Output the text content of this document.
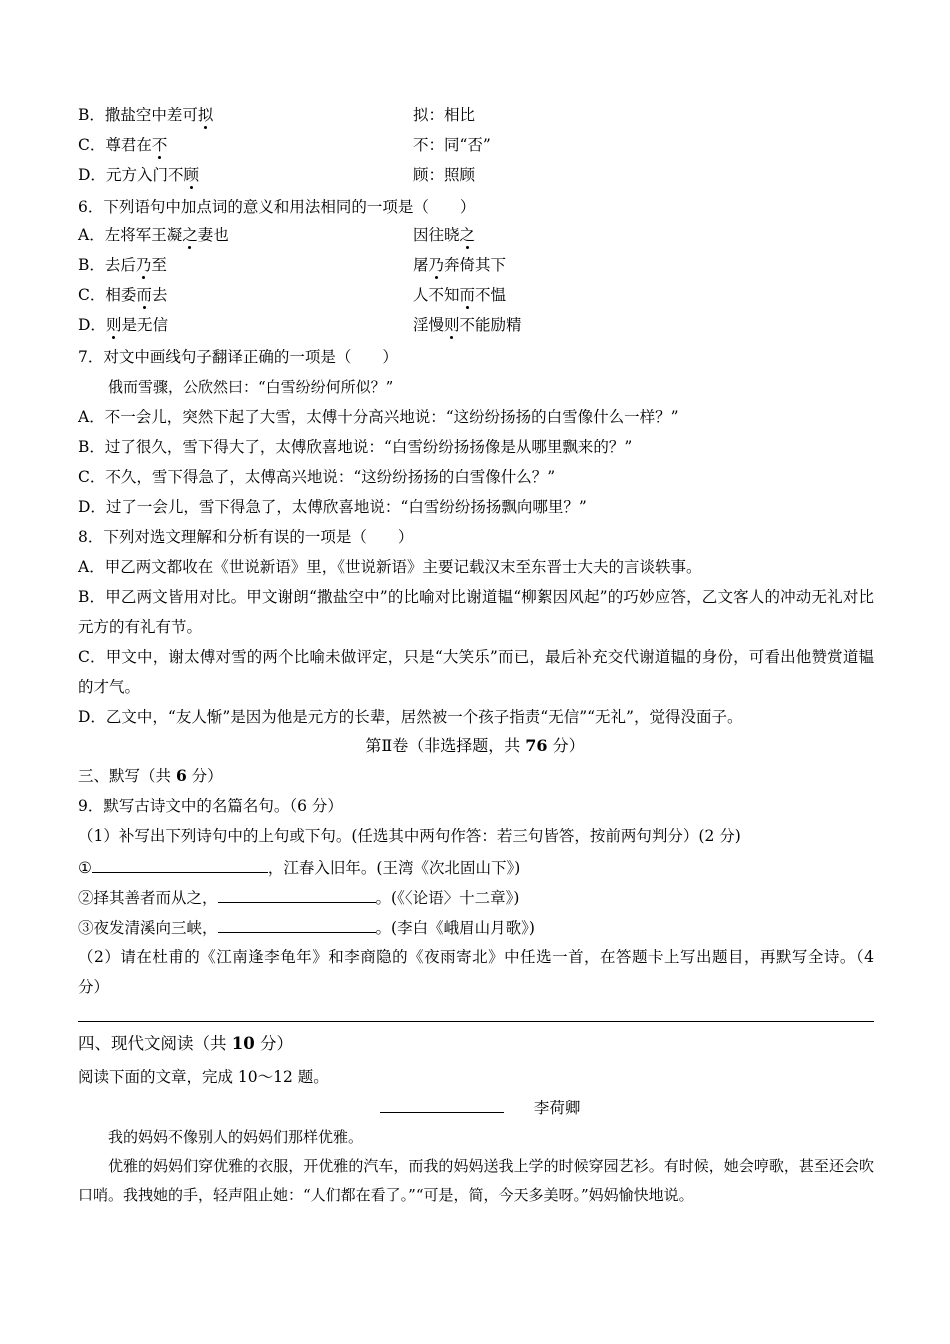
B．撒盐空中差可拟	拟：相比
C．尊君在不	不：同“否”
D．元方入门不顾	顾：照顾
6．下列语句中加点词的意义和用法相同的一项是（　　）
A．左将军王凝之妻也	因往晓之
B．去后乃至	屠乃奔倚其下
C．相委而去	人不知而不愠
D．则是无信	淫慢则不能励精
7．对文中画线句子翻译正确的一项是（　　）
俄而雪骤，公欣然曰：“白雪纷纷何所似？”
A．不一会儿，突然下起了大雪，太傅十分高兴地说：“这纷纷扬扬的白雪像什么一样？”
B．过了很久，雪下得大了，太傅欣喜地说：“白雪纷纷扬扬像是从哪里飘来的？”
C．不久，雪下得急了，太傅高兴地说：“这纷纷扬扬的白雪像什么？”
D．过了一会儿，雪下得急了，太傅欣喜地说：“白雪纷纷扬扬飘向哪里？”
8．下列对选文理解和分析有误的一项是（　　）
A．甲乙两文都收在《世说新语》里，《世说新语》主要记载汉末至东晋士大夫的言谈轶事。
B．甲乙两文皆用对比。甲文谢朗“撒盐空中”的比喻对比谢道韫“柳絮因风起”的巧妙应答，乙文客人的冲动无礼对比元方的有礼有节。
C．甲文中，谢太傅对雪的两个比喻未做评定，只是“大笑乐”而已，最后补充交代谢道韫的身份，可看出他赞赏道韫的才气。
D．乙文中，“友人惭”是因为他是元方的长辈，居然被一个孩子指责“无信”“无礼”，觉得没面子。
第Ⅱ卷（非选择题，共 76 分）
三、默写（共 6 分）
9．默写古诗文中的名篇名句。（6 分）
（1）补写出下列诗句中的上句或下句。(任选其中两句作答：若三句皆答，按前两句判分）(2 分)
①	，江春入旧年。(王湾《次北固山下》)
②择其善者而从之，	。(《〈论语〉十二章》)
③夜发清溪向三峡，	。(李白《峨眉山月歌》)
（2）请在杜甫的《江南逢李龟年》和李商隐的《夜雨寄北》中任选一首，在答题卡上写出题目，再默写全诗。（4 分）
四、现代文阅读（共 10 分）
阅读下面的文章，完成 10～12 题。
李荷卿
我的妈妈不像别人的妈妈们那样优雅。
优雅的妈妈们穿优雅的衣服，开优雅的汽车，而我的妈妈送我上学的时候穿园艺衫。有时候，她会哼歌，甚至还会吹口哨。我拽她的手，轻声阻止她：“人们都在看了。”“可是，简，今天多美呀。”妈妈愉快地说。
